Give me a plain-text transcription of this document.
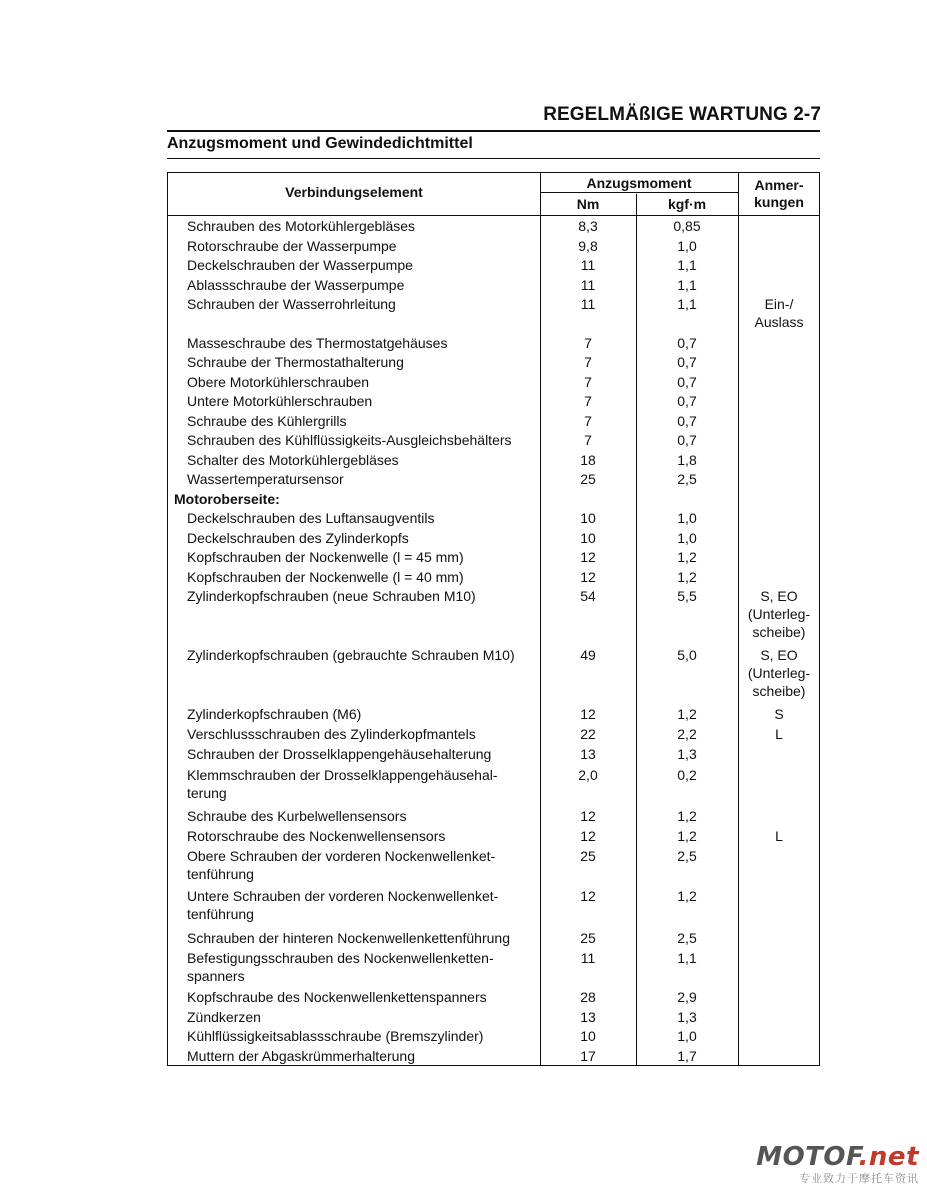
REGELMÄßIGE WARTUNG 2-7
Anzugsmoment und Gewindedichtmittel
Verbindungselement
Anzugsmoment
Nm	kgf·m
Anmer-
kungen
Schrauben des Motorkühlergebläses	8,3	0,85
Rotorschraube der Wasserpumpe	9,8	1,0
Deckelschrauben der Wasserpumpe	11	1,1
Ablassschraube der Wasserpumpe	11	1,1
Schrauben der Wasserrohrleitung	11	1,1	Ein-/
Auslass
Masseschraube des Thermostatgehäuses	7	0,7
Schraube der Thermostathalterung	7	0,7
Obere Motorkühlerschrauben	7	0,7
Untere Motorkühlerschrauben	7	0,7
Schraube des Kühlergrills	7	0,7
Schrauben des Kühlflüssigkeits-Ausgleichsbehälters	7	0,7
Schalter des Motorkühlergebläses	18	1,8
Wassertemperatursensor	25	2,5
Motoroberseite:
Deckelschrauben des Luftansaugventils	10	1,0
Deckelschrauben des Zylinderkopfs	10	1,0
Kopfschrauben der Nockenwelle (l = 45 mm)	12	1,2
Kopfschrauben der Nockenwelle (l = 40 mm)	12	1,2
Zylinderkopfschrauben (neue Schrauben M10)	54	5,5	S, EO
(Unterleg-
scheibe)
Zylinderkopfschrauben (gebrauchte Schrauben M10)	49	5,0	S, EO
(Unterleg-
scheibe)
Zylinderkopfschrauben (M6)	12	1,2	S
Verschlussschrauben des Zylinderkopfmantels	22	2,2	L
Schrauben der Drosselklappengehäusehalterung	13	1,3
Klemmschrauben der Drosselklappengehäusehal-
terung
2,0	0,2
Schraube des Kurbelwellensensors	12	1,2
Rotorschraube des Nockenwellensensors	12	1,2	L
Obere Schrauben der vorderen Nockenwellenket-
tenführung
25	2,5
Untere Schrauben der vorderen Nockenwellenket-
tenführung
12	1,2
Schrauben der hinteren Nockenwellenkettenführung	25	2,5
Befestigungsschrauben des Nockenwellenketten-
spanners
11	1,1
Kopfschraube des Nockenwellenkettenspanners	28	2,9
Zündkerzen	13	1,3
Kühlflüssigkeitsablassschraube (Bremszylinder)	10	1,0
Muttern der Abgaskrümmerhalterung	17	1,7
MOTOF.net
专业致力于摩托车资讯
